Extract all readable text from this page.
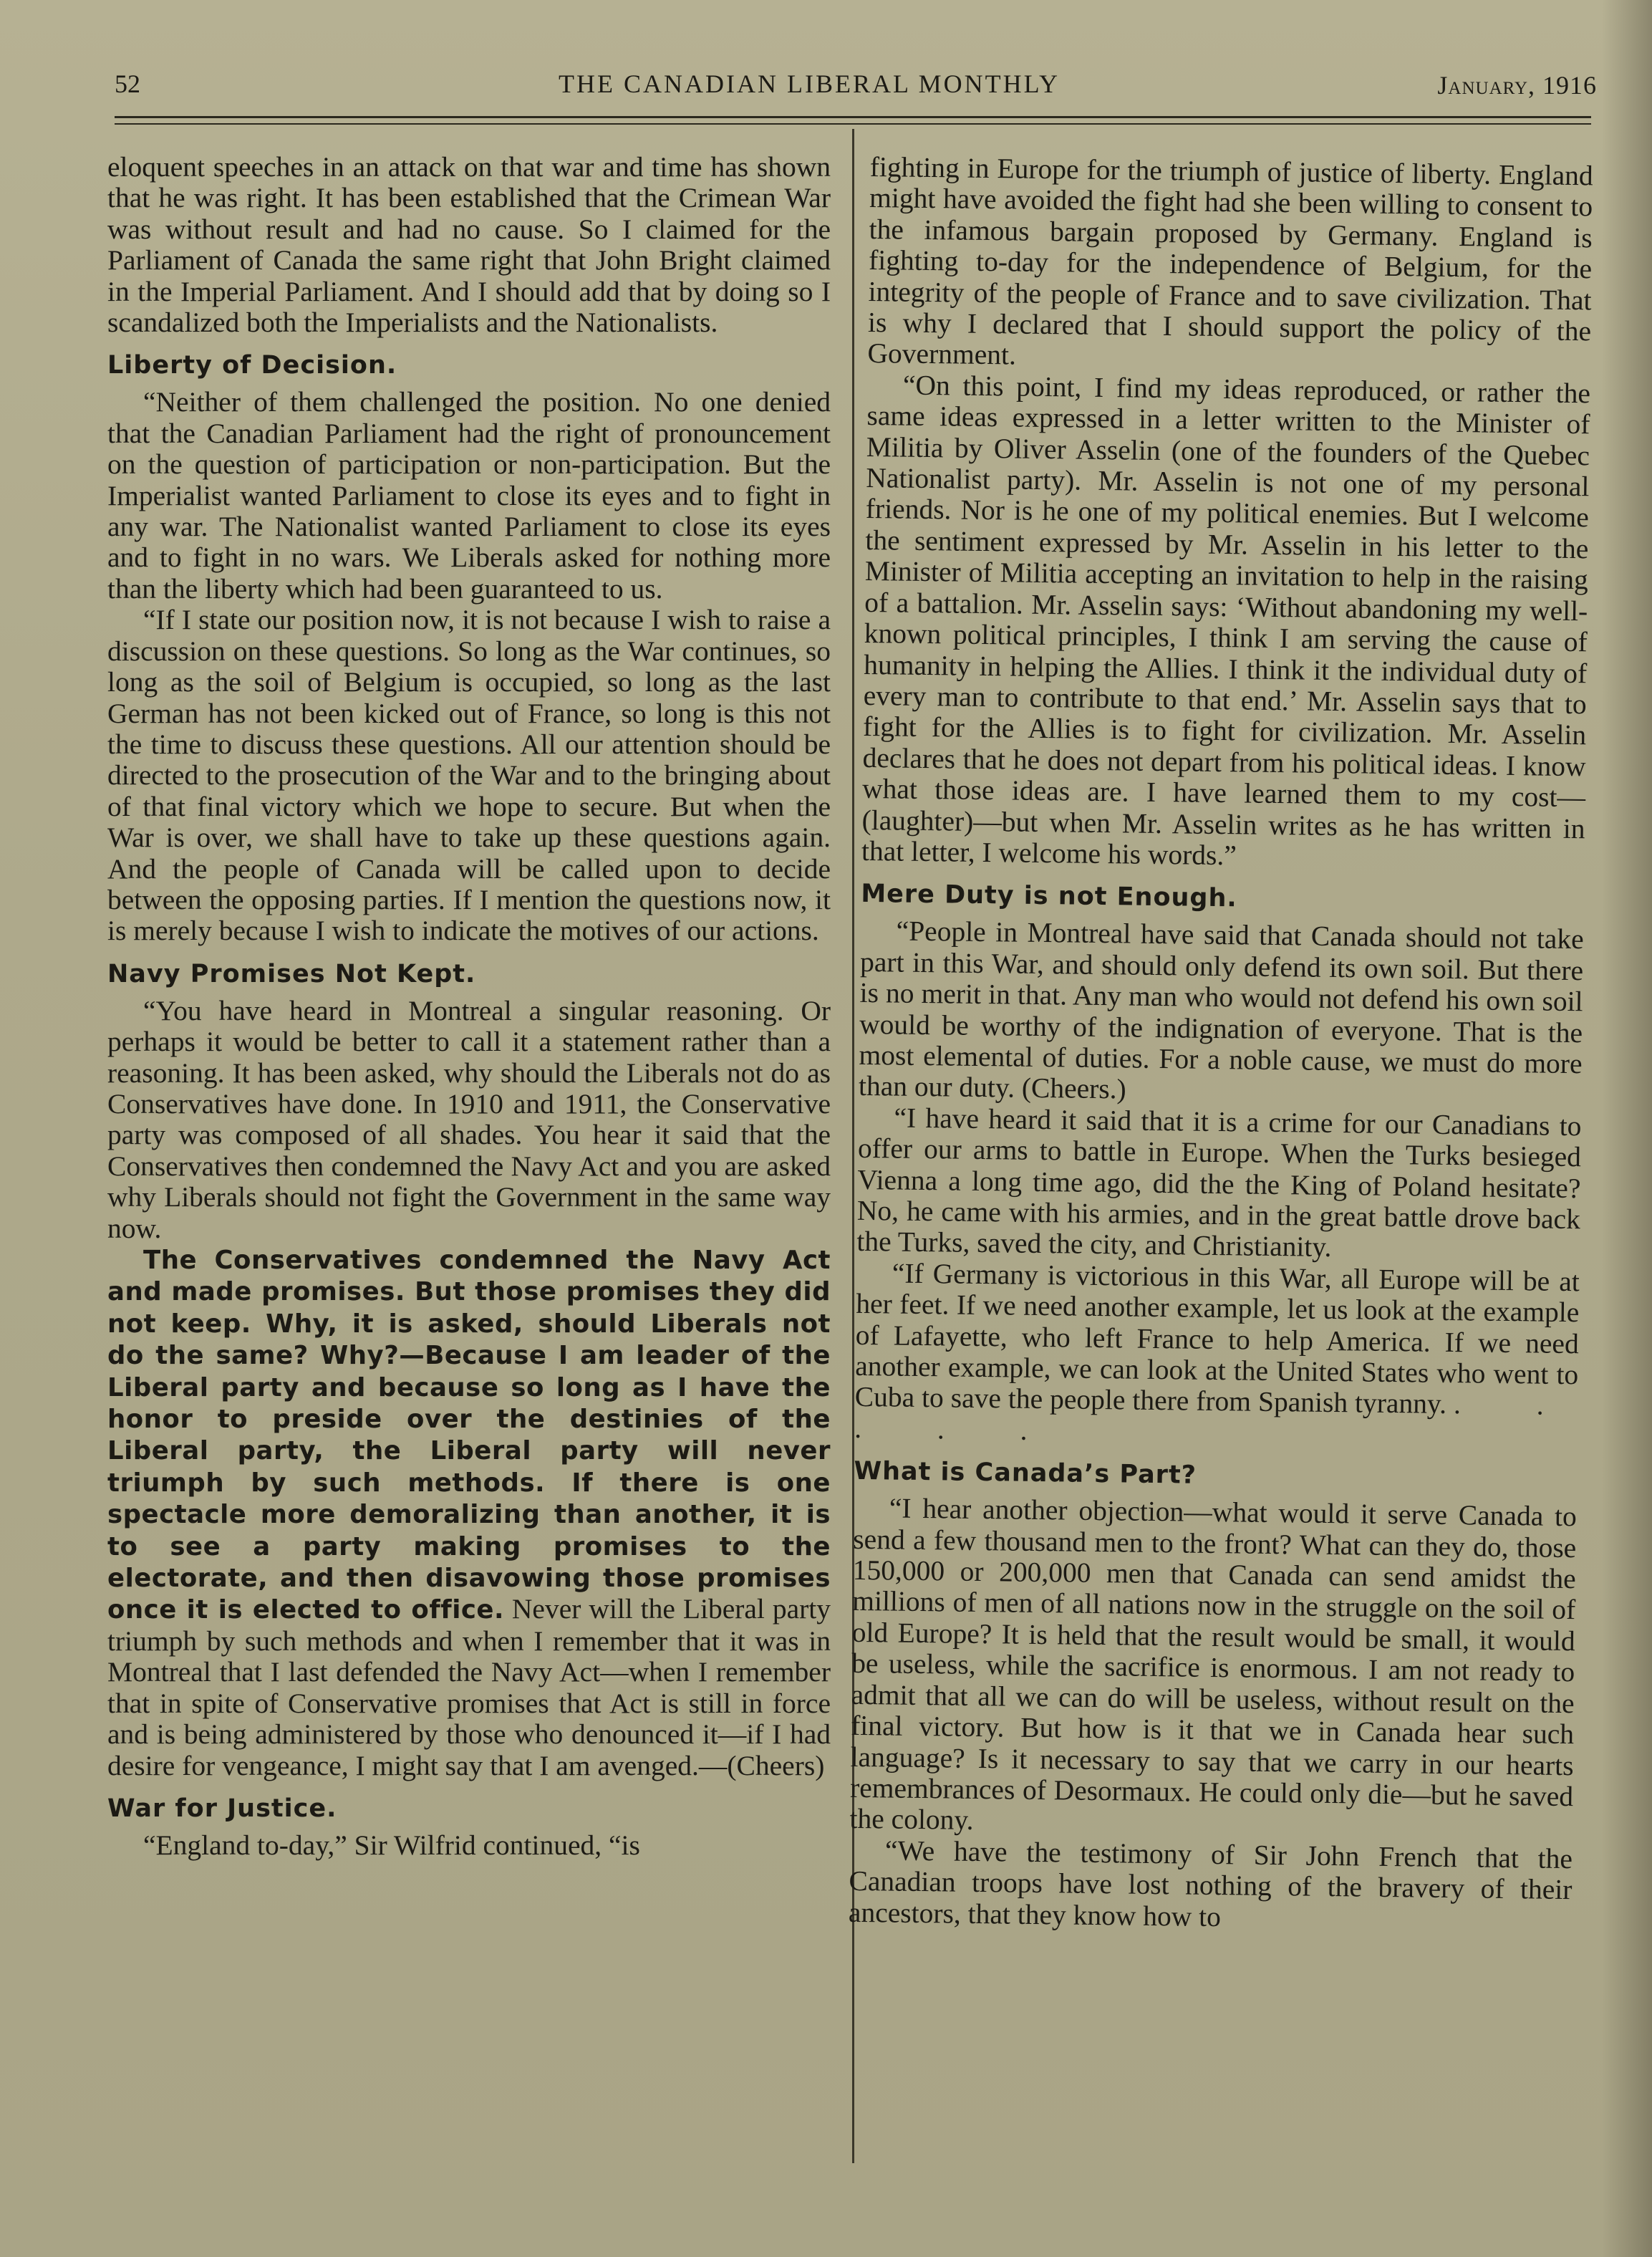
52	THE CANADIAN LIBERAL MONTHLY	January, 1916

eloquent speeches in an attack on that war and time has shown that he was right. It has been established that the Crimean War was without result and had no cause. So I claimed for the Parliament of Canada the same right that John Bright claimed in the Imperial Parliament. And I should add that by doing so I scandalized both the Imperialists and the Nationalists.

Liberty of Decision.

“Neither of them challenged the position. No one denied that the Canadian Parliament had the right of pronouncement on the question of participation or non-participation. But the Imperialist wanted Parliament to close its eyes and to fight in any war. The Nationalist wanted Parliament to close its eyes and to fight in no wars. We Liberals asked for nothing more than the liberty which had been guaranteed to us.

“If I state our position now, it is not because I wish to raise a discussion on these questions. So long as the War continues, so long as the soil of Belgium is occupied, so long as the last German has not been kicked out of France, so long is this not the time to discuss these questions. All our attention should be directed to the prosecution of the War and to the bringing about of that final victory which we hope to secure. But when the War is over, we shall have to take up these questions again. And the people of Canada will be called upon to decide between the opposing parties. If I mention the questions now, it is merely because I wish to indicate the motives of our actions.

Navy Promises Not Kept.

“You have heard in Montreal a singular reasoning. Or perhaps it would be better to call it a statement rather than a reasoning. It has been asked, why should the Liberals not do as Conservatives have done. In 1910 and 1911, the Conservative party was composed of all shades. You hear it said that the Conservatives then condemned the Navy Act and you are asked why Liberals should not fight the Government in the same way now.

The Conservatives condemned the Navy Act and made promises. But those promises they did not keep. Why, it is asked, should Liberals not do the same? Why?—Because I am leader of the Liberal party and because so long as I have the honor to preside over the destinies of the Liberal party, the Liberal party will never triumph by such methods. If there is one spectacle more demoralizing than another, it is to see a party making promises to the electorate, and then disavowing those promises once it is elected to office. Never will the Liberal party triumph by such methods and when I remember that it was in Montreal that I last defended the Navy Act—when I remember that in spite of Conservative promises that Act is still in force and is being administered by those who denounced it—if I had desire for vengeance, I might say that I am avenged.—(Cheers)

War for Justice.

“England to-day,” Sir Wilfrid continued, “is

fighting in Europe for the triumph of justice of liberty. England might have avoided the fight had she been willing to consent to the infamous bargain proposed by Germany. England is fighting to-day for the independence of Belgium, for the integrity of the people of France and to save civilization. That is why I declared that I should support the policy of the Government.

“On this point, I find my ideas reproduced, or rather the same ideas expressed in a letter written to the Minister of Militia by Oliver Asselin (one of the founders of the Quebec Nationalist party). Mr. Asselin is not one of my personal friends. Nor is he one of my political enemies. But I welcome the sentiment expressed by Mr. Asselin in his letter to the Minister of Militia accepting an invitation to help in the raising of a battalion. Mr. Asselin says: ‘Without abandoning my well-known political principles, I think I am serving the cause of humanity in helping the Allies. I think it the individual duty of every man to contribute to that end.’ Mr. Asselin says that to fight for the Allies is to fight for civilization. Mr. Asselin declares that he does not depart from his political ideas. I know what those ideas are. I have learned them to my cost—(laughter)—but when Mr. Asselin writes as he has written in that letter, I welcome his words.”

Mere Duty is not Enough.

“People in Montreal have said that Canada should not take part in this War, and should only defend its own soil. But there is no merit in that. Any man who would not defend his own soil would be worthy of the indignation of everyone. That is the most elemental of duties. For a noble cause, we must do more than our duty. (Cheers.)

“I have heard it said that it is a crime for our Canadians to offer our arms to battle in Europe. When the Turks besieged Vienna a long time ago, did the the King of Poland hesitate? No, he came with his armies, and in the great battle drove back the Turks, saved the city, and Christianity.

“If Germany is victorious in this War, all Europe will be at her feet. If we need another example, let us look at the example of Lafayette, who left France to help America. If we need another example, we can look at the United States who went to Cuba to save the people there from Spanish tyranny. . . . . .

What is Canada’s Part?

“I hear another objection—what would it serve Canada to send a few thousand men to the front? What can they do, those 150,000 or 200,000 men that Canada can send amidst the millions of men of all nations now in the struggle on the soil of old Europe? It is held that the result would be small, it would be useless, while the sacrifice is enormous. I am not ready to admit that all we can do will be useless, without result on the final victory. But how is it that we in Canada hear such language? Is it necessary to say that we carry in our hearts remembrances of Desormaux. He could only die—but he saved the colony.

“We have the testimony of Sir John French that the Canadian troops have lost nothing of the bravery of their ancestors, that they know how to
